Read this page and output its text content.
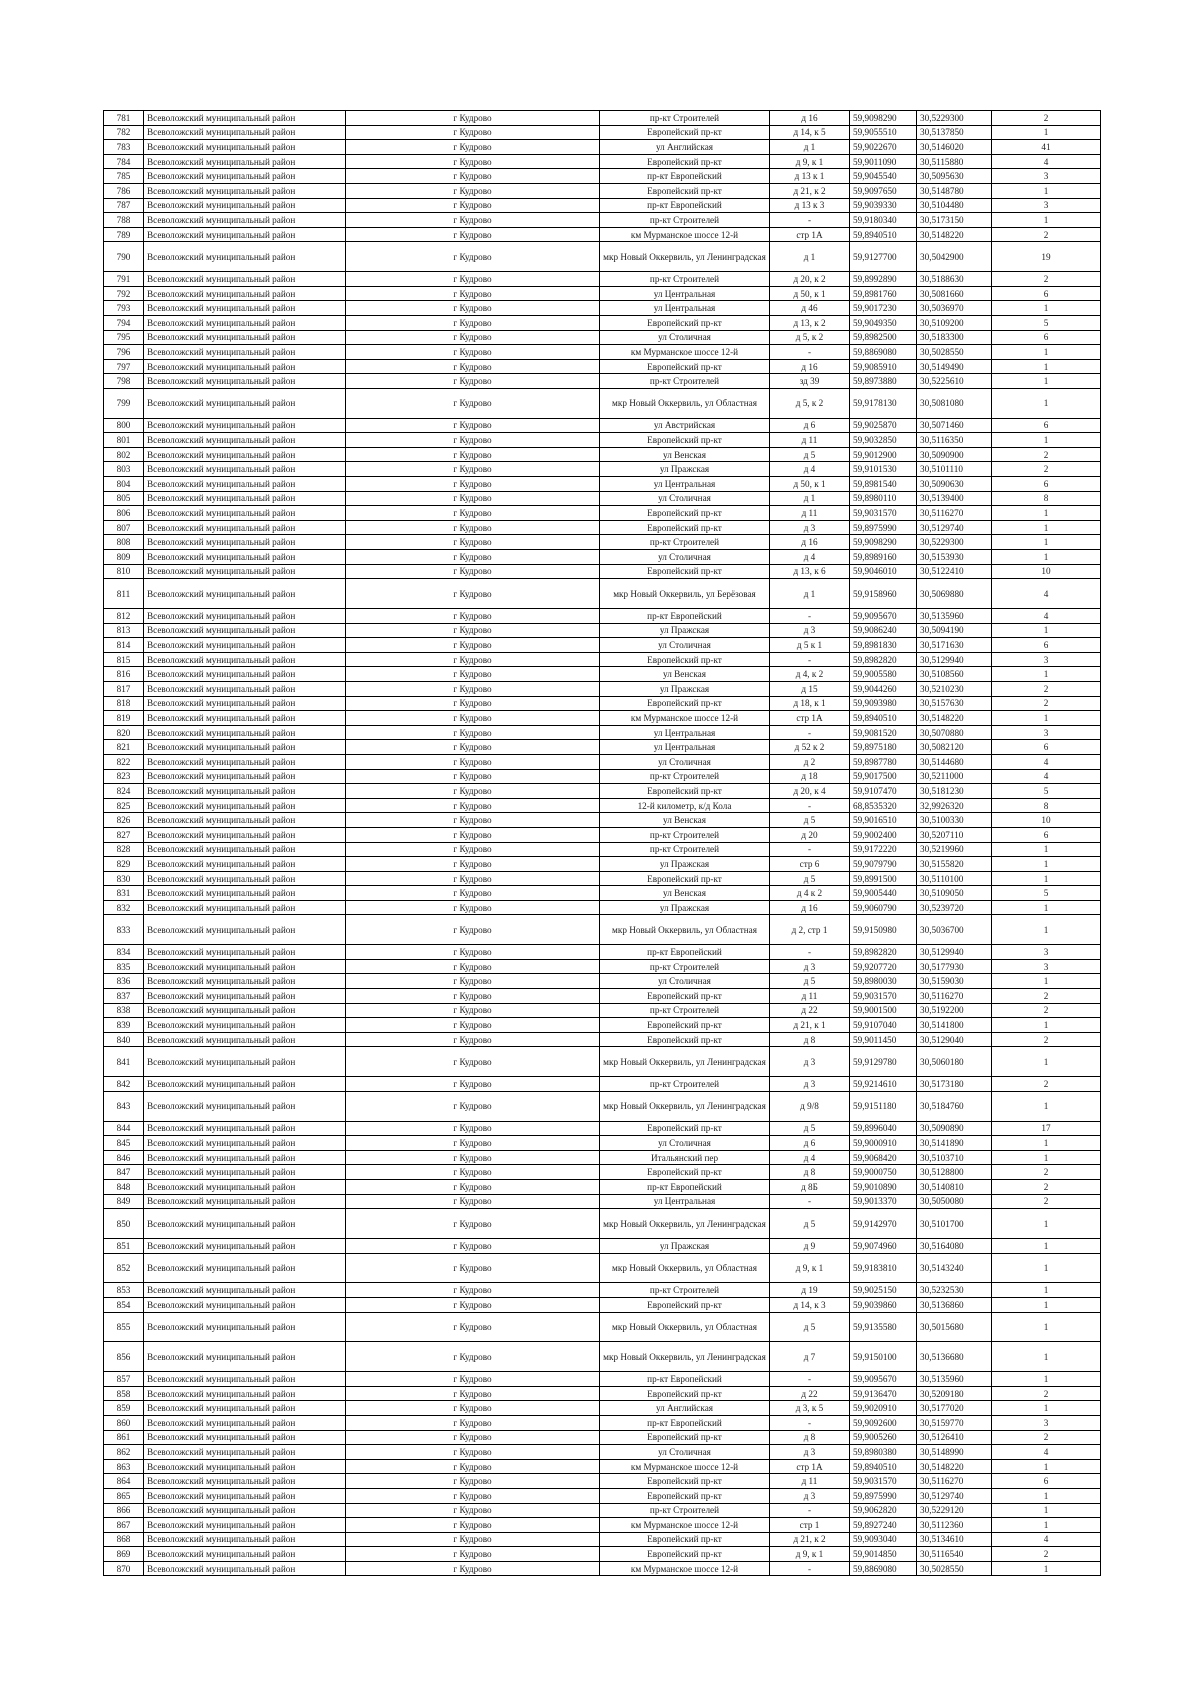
781	Всеволожский муниципальный район	г Кудрово	пр-кт Строителей	д 16	59,9098290	30,5229300	2
782	Всеволожский муниципальный район	г Кудрово	Европейский пр-кт	д 14, к 5	59,9055510	30,5137850	1
783	Всеволожский муниципальный район	г Кудрово	ул Английская	д 1	59,9022670	30,5146020	41
784	Всеволожский муниципальный район	г Кудрово	Европейский пр-кт	д 9, к 1	59,9011090	30,5115880	4
785	Всеволожский муниципальный район	г Кудрово	пр-кт Европейский	д 13 к 1	59,9045540	30,5095630	3
786	Всеволожский муниципальный район	г Кудрово	Европейский пр-кт	д 21, к 2	59,9097650	30,5148780	1
787	Всеволожский муниципальный район	г Кудрово	пр-кт Европейский	д 13 к 3	59,9039330	30,5104480	3
788	Всеволожский муниципальный район	г Кудрово	пр-кт Строителей	-	59,9180340	30,5173150	1
789	Всеволожский муниципальный район	г Кудрово	км Мурманское шоссе 12-й	стр 1А	59,8940510	30,5148220	2
790	Всеволожский муниципальный район	г Кудрово	мкр Новый Оккервиль, ул Ленинградская	д 1	59,9127700	30,5042900	19
791	Всеволожский муниципальный район	г Кудрово	пр-кт Строителей	д 20, к 2	59,8992890	30,5188630	2
792	Всеволожский муниципальный район	г Кудрово	ул Центральная	д 50, к 1	59,8981760	30,5081660	6
793	Всеволожский муниципальный район	г Кудрово	ул Центральная	д 46	59,9017230	30,5036970	1
794	Всеволожский муниципальный район	г Кудрово	Европейский пр-кт	д 13, к 2	59,9049350	30,5109200	5
795	Всеволожский муниципальный район	г Кудрово	ул Столичная	д 5, к 2	59,8982500	30,5183300	6
796	Всеволожский муниципальный район	г Кудрово	км Мурманское шоссе 12-й	-	59,8869080	30,5028550	1
797	Всеволожский муниципальный район	г Кудрово	Европейский пр-кт	д 16	59,9085910	30,5149490	1
798	Всеволожский муниципальный район	г Кудрово	пр-кт Строителей	зд 39	59,8973880	30,5225610	1
799	Всеволожский муниципальный район	г Кудрово	мкр Новый Оккервиль, ул Областная	д 5, к 2	59,9178130	30,5081080	1
800	Всеволожский муниципальный район	г Кудрово	ул Австрийская	д 6	59,9025870	30,5071460	6
801	Всеволожский муниципальный район	г Кудрово	Европейский пр-кт	д 11	59,9032850	30,5116350	1
802	Всеволожский муниципальный район	г Кудрово	ул Венская	д 5	59,9012900	30,5090900	2
803	Всеволожский муниципальный район	г Кудрово	ул Пражская	д 4	59,9101530	30,5101110	2
804	Всеволожский муниципальный район	г Кудрово	ул Центральная	д 50, к 1	59,8981540	30,5090630	6
805	Всеволожский муниципальный район	г Кудрово	ул Столичная	д 1	59,8980110	30,5139400	8
806	Всеволожский муниципальный район	г Кудрово	Европейский пр-кт	д 11	59,9031570	30,5116270	1
807	Всеволожский муниципальный район	г Кудрово	Европейский пр-кт	д 3	59,8975990	30,5129740	1
808	Всеволожский муниципальный район	г Кудрово	пр-кт Строителей	д 16	59,9098290	30,5229300	1
809	Всеволожский муниципальный район	г Кудрово	ул Столичная	д 4	59,8989160	30,5153930	1
810	Всеволожский муниципальный район	г Кудрово	Европейский пр-кт	д 13, к 6	59,9046010	30,5122410	10
811	Всеволожский муниципальный район	г Кудрово	мкр Новый Оккервиль, ул Берёзовая	д 1	59,9158960	30,5069880	4
812	Всеволожский муниципальный район	г Кудрово	пр-кт Европейский	-	59,9095670	30,5135960	4
813	Всеволожский муниципальный район	г Кудрово	ул Пражская	д 3	59,9086240	30,5094190	1
814	Всеволожский муниципальный район	г Кудрово	ул Столичная	д 5 к 1	59,8981830	30,5171630	6
815	Всеволожский муниципальный район	г Кудрово	Европейский пр-кт	-	59,8982820	30,5129940	3
816	Всеволожский муниципальный район	г Кудрово	ул Венская	д 4, к 2	59,9005580	30,5108560	1
817	Всеволожский муниципальный район	г Кудрово	ул Пражская	д 15	59,9044260	30,5210230	2
818	Всеволожский муниципальный район	г Кудрово	Европейский пр-кт	д 18, к 1	59,9093980	30,5157630	2
819	Всеволожский муниципальный район	г Кудрово	км Мурманское шоссе 12-й	стр 1А	59,8940510	30,5148220	1
820	Всеволожский муниципальный район	г Кудрово	ул Центральная	-	59,9081520	30,5070880	3
821	Всеволожский муниципальный район	г Кудрово	ул Центральная	д 52 к 2	59,8975180	30,5082120	6
822	Всеволожский муниципальный район	г Кудрово	ул Столичная	д 2	59,8987780	30,5144680	4
823	Всеволожский муниципальный район	г Кудрово	пр-кт Строителей	д 18	59,9017500	30,5211000	4
824	Всеволожский муниципальный район	г Кудрово	Европейский пр-кт	д 20, к 4	59,9107470	30,5181230	5
825	Всеволожский муниципальный район	г Кудрово	12-й километр, к/д Кола	-	68,8535320	32,9926320	8
826	Всеволожский муниципальный район	г Кудрово	ул Венская	д 5	59,9016510	30,5100330	10
827	Всеволожский муниципальный район	г Кудрово	пр-кт Строителей	д 20	59,9002400	30,5207110	6
828	Всеволожский муниципальный район	г Кудрово	пр-кт Строителей	-	59,9172220	30,5219960	1
829	Всеволожский муниципальный район	г Кудрово	ул Пражская	стр 6	59,9079790	30,5155820	1
830	Всеволожский муниципальный район	г Кудрово	Европейский пр-кт	д 5	59,8991500	30,5110100	1
831	Всеволожский муниципальный район	г Кудрово	ул Венская	д 4 к 2	59,9005440	30,5109050	5
832	Всеволожский муниципальный район	г Кудрово	ул Пражская	д 16	59,9060790	30,5239720	1
833	Всеволожский муниципальный район	г Кудрово	мкр Новый Оккервиль, ул Областная	д 2, стр 1	59,9150980	30,5036700	1
834	Всеволожский муниципальный район	г Кудрово	пр-кт Европейский	-	59,8982820	30,5129940	3
835	Всеволожский муниципальный район	г Кудрово	пр-кт Строителей	д 3	59,9207720	30,5177930	3
836	Всеволожский муниципальный район	г Кудрово	ул Столичная	д 5	59,8980030	30,5159030	1
837	Всеволожский муниципальный район	г Кудрово	Европейский пр-кт	д 11	59,9031570	30,5116270	2
838	Всеволожский муниципальный район	г Кудрово	пр-кт Строителей	д 22	59,9001500	30,5192200	2
839	Всеволожский муниципальный район	г Кудрово	Европейский пр-кт	д 21, к 1	59,9107040	30,5141800	1
840	Всеволожский муниципальный район	г Кудрово	Европейский пр-кт	д 8	59,9011450	30,5129040	2
841	Всеволожский муниципальный район	г Кудрово	мкр Новый Оккервиль, ул Ленинградская	д 3	59,9129780	30,5060180	1
842	Всеволожский муниципальный район	г Кудрово	пр-кт Строителей	д 3	59,9214610	30,5173180	2
843	Всеволожский муниципальный район	г Кудрово	мкр Новый Оккервиль, ул Ленинградская	д 9/8	59,9151180	30,5184760	1
844	Всеволожский муниципальный район	г Кудрово	Европейский пр-кт	д 5	59,8996040	30,5090890	17
845	Всеволожский муниципальный район	г Кудрово	ул Столичная	д 6	59,9000910	30,5141890	1
846	Всеволожский муниципальный район	г Кудрово	Итальянский пер	д 4	59,9068420	30,5103710	1
847	Всеволожский муниципальный район	г Кудрово	Европейский пр-кт	д 8	59,9000750	30,5128800	2
848	Всеволожский муниципальный район	г Кудрово	пр-кт Европейский	д 8Б	59,9010890	30,5140810	2
849	Всеволожский муниципальный район	г Кудрово	ул Центральная	-	59,9013370	30,5050080	2
850	Всеволожский муниципальный район	г Кудрово	мкр Новый Оккервиль, ул Ленинградская	д 5	59,9142970	30,5101700	1
851	Всеволожский муниципальный район	г Кудрово	ул Пражская	д 9	59,9074960	30,5164080	1
852	Всеволожский муниципальный район	г Кудрово	мкр Новый Оккервиль, ул Областная	д 9, к 1	59,9183810	30,5143240	1
853	Всеволожский муниципальный район	г Кудрово	пр-кт Строителей	д 19	59,9025150	30,5232530	1
854	Всеволожский муниципальный район	г Кудрово	Европейский пр-кт	д 14, к 3	59,9039860	30,5136860	1
855	Всеволожский муниципальный район	г Кудрово	мкр Новый Оккервиль, ул Областная	д 5	59,9135580	30,5015680	1
856	Всеволожский муниципальный район	г Кудрово	мкр Новый Оккервиль, ул Ленинградская	д 7	59,9150100	30,5136680	1
857	Всеволожский муниципальный район	г Кудрово	пр-кт Европейский	-	59,9095670	30,5135960	1
858	Всеволожский муниципальный район	г Кудрово	Европейский пр-кт	д 22	59,9136470	30,5209180	2
859	Всеволожский муниципальный район	г Кудрово	ул Английская	д 3, к 5	59,9020910	30,5177020	1
860	Всеволожский муниципальный район	г Кудрово	пр-кт Европейский	-	59,9092600	30,5159770	3
861	Всеволожский муниципальный район	г Кудрово	Европейский пр-кт	д 8	59,9005260	30,5126410	2
862	Всеволожский муниципальный район	г Кудрово	ул Столичная	д 3	59,8980380	30,5148990	4
863	Всеволожский муниципальный район	г Кудрово	км Мурманское шоссе 12-й	стр 1А	59,8940510	30,5148220	1
864	Всеволожский муниципальный район	г Кудрово	Европейский пр-кт	д 11	59,9031570	30,5116270	6
865	Всеволожский муниципальный район	г Кудрово	Европейский пр-кт	д 3	59,8975990	30,5129740	1
866	Всеволожский муниципальный район	г Кудрово	пр-кт Строителей	-	59,9062820	30,5229120	1
867	Всеволожский муниципальный район	г Кудрово	км Мурманское шоссе 12-й	стр 1	59,8927240	30,5112360	1
868	Всеволожский муниципальный район	г Кудрово	Европейский пр-кт	д 21, к 2	59,9093040	30,5134610	4
869	Всеволожский муниципальный район	г Кудрово	Европейский пр-кт	д 9, к 1	59,9014850	30,5116540	2
870	Всеволожский муниципальный район	г Кудрово	км Мурманское шоссе 12-й	-	59,8869080	30,5028550	1
